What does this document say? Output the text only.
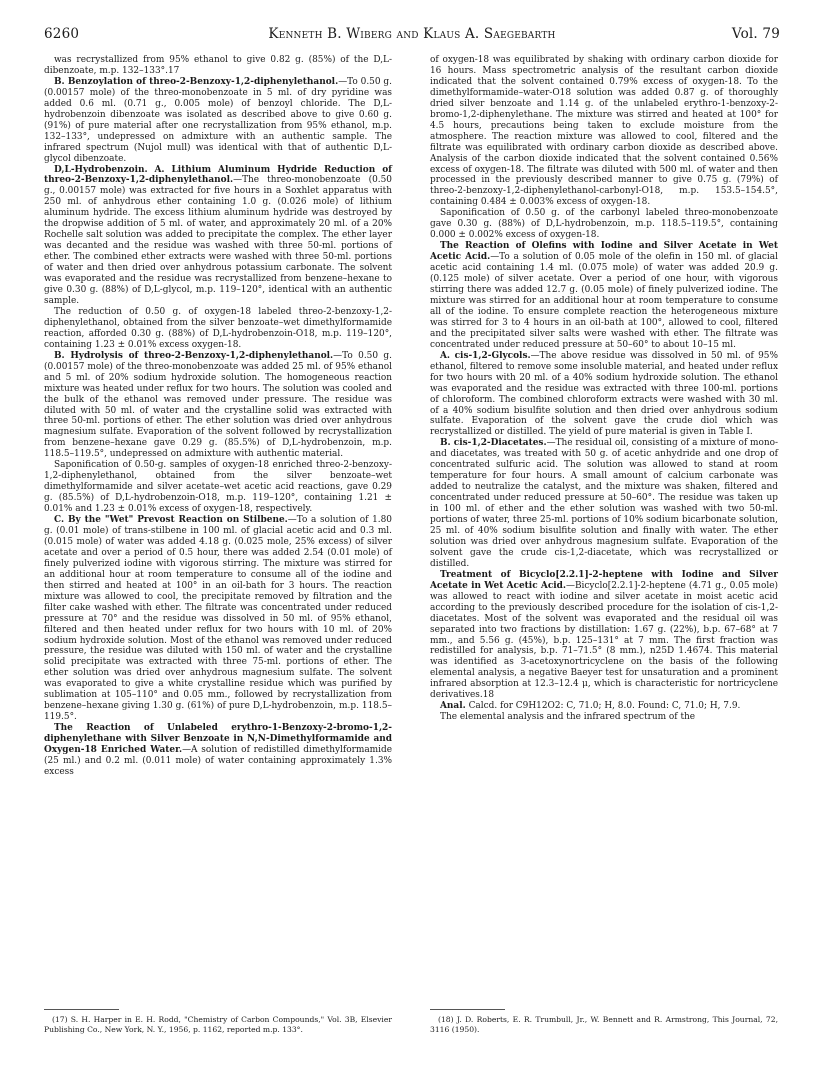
6260	Kenneth B. Wiberg and Klaus A. Saegebarth	Vol. 79

was recrystallized from 95% ethanol to give 0.82 g. (85%) of the D,L-dibenzoate, m.p. 132–133°.17

B. Benzoylation of threo-2-Benzoxy-1,2-diphenylethanol.—To 0.50 g. (0.00157 mole) of the threo-monobenzoate in 5 ml. of dry pyridine was added 0.6 ml. (0.71 g., 0.005 mole) of benzoyl chloride. The D,L-hydrobenzoin dibenzoate was isolated as described above to give 0.60 g. (91%) of pure material after one recrystallization from 95% ethanol, m.p. 132–133°, undepressed on admixture with an authentic sample. The infrared spectrum (Nujol mull) was identical with that of authentic D,L-glycol dibenzoate.

D,L-Hydrobenzoin. A. Lithium Aluminum Hydride Reduction of threo-2-Benzoxy-1,2-diphenylethanol.—The threo-monobenzoate (0.50 g., 0.00157 mole) was extracted for five hours in a Soxhlet apparatus with 250 ml. of anhydrous ether containing 1.0 g. (0.026 mole) of lithium aluminum hydride. The excess lithium aluminum hydride was destroyed by the dropwise addition of 5 ml. of water, and approximately 20 ml. of a 20% Rochelle salt solution was added to precipitate the complex. The ether layer was decanted and the residue was washed with three 50-ml. portions of ether. The combined ether extracts were washed with three 50-ml. portions of water and then dried over anhydrous potassium carbonate. The solvent was evaporated and the residue was recrystallized from benzene–hexane to give 0.30 g. (88%) of D,L-glycol, m.p. 119–120°, identical with an authentic sample.

The reduction of 0.50 g. of oxygen-18 labeled threo-2-benzoxy-1,2-diphenylethanol, obtained from the silver benzoate–wet dimethylformamide reaction, afforded 0.30 g. (88%) of D,L-hydrobenzoin-O18, m.p. 119–120°, containing 1.23 ± 0.01% excess oxygen-18.

B. Hydrolysis of threo-2-Benzoxy-1,2-diphenylethanol.—To 0.50 g. (0.00157 mole) of the threo-monobenzoate was added 25 ml. of 95% ethanol and 5 ml. of 20% sodium hydroxide solution. The homogeneous reaction mixture was heated under reflux for two hours. The solution was cooled and the bulk of the ethanol was removed under pressure. The residue was diluted with 50 ml. of water and the crystalline solid was extracted with three 50-ml. portions of ether. The ether solution was dried over anhydrous magnesium sulfate. Evaporation of the solvent followed by recrystallization from benzene–hexane gave 0.29 g. (85.5%) of D,L-hydrobenzoin, m.p. 118.5–119.5°, undepressed on admixture with authentic material.

Saponification of 0.50-g. samples of oxygen-18 enriched threo-2-benzoxy-1,2-diphenylethanol, obtained from the silver benzoate–wet dimethylformamide and silver acetate–wet acetic acid reactions, gave 0.29 g. (85.5%) of D,L-hydrobenzoin-O18, m.p. 119–120°, containing 1.21 ± 0.01% and 1.23 ± 0.01% excess of oxygen-18, respectively.

C. By the "Wet" Prevost Reaction on Stilbene.—To a solution of 1.80 g. (0.01 mole) of trans-stilbene in 100 ml. of glacial acetic acid and 0.3 ml. (0.015 mole) of water was added 4.18 g. (0.025 mole, 25% excess) of silver acetate and over a period of 0.5 hour, there was added 2.54 (0.01 mole) of finely pulverized iodine with vigorous stirring. The mixture was stirred for an additional hour at room temperature to consume all of the iodine and then stirred and heated at 100° in an oil-bath for 3 hours. The reaction mixture was allowed to cool, the precipitate removed by filtration and the filter cake washed with ether. The filtrate was concentrated under reduced pressure at 70° and the residue was dissolved in 50 ml. of 95% ethanol, filtered and then heated under reflux for two hours with 10 ml. of 20% sodium hydroxide solution. Most of the ethanol was removed under reduced pressure, the residue was diluted with 150 ml. of water and the crystalline solid precipitate was extracted with three 75-ml. portions of ether. The ether solution was dried over anhydrous magnesium sulfate. The solvent was evaporated to give a white crystalline residue which was purified by sublimation at 105–110° and 0.05 mm., followed by recrystallization from benzene–hexane giving 1.30 g. (61%) of pure D,L-hydrobenzoin, m.p. 118.5–119.5°.

The Reaction of Unlabeled erythro-1-Benzoxy-2-bromo-1,2-diphenylethane with Silver Benzoate in N,N-Dimethylformamide and Oxygen-18 Enriched Water.—A solution of redistilled dimethylformamide (25 ml.) and 0.2 ml. (0.011 mole) of water containing approximately 1.3% excess

of oxygen-18 was equilibrated by shaking with ordinary carbon dioxide for 16 hours. Mass spectrometric analysis of the resultant carbon dioxide indicated that the solvent contained 0.79% excess of oxygen-18. To the dimethylformamide–water-O18 solution was added 0.87 g. of thoroughly dried silver benzoate and 1.14 g. of the unlabeled erythro-1-benzoxy-2-bromo-1,2-diphenylethane. The mixture was stirred and heated at 100° for 4.5 hours, precautions being taken to exclude moisture from the atmosphere. The reaction mixture was allowed to cool, filtered and the filtrate was equilibrated with ordinary carbon dioxide as described above. Analysis of the carbon dioxide indicated that the solvent contained 0.56% excess of oxygen-18. The filtrate was diluted with 500 ml. of water and then processed in the previously described manner to give 0.75 g. (79%) of threo-2-benzoxy-1,2-diphenylethanol-carbonyl-O18, m.p. 153.5–154.5°, containing 0.484 ± 0.003% excess of oxygen-18.

Saponification of 0.50 g. of the carbonyl labeled threo-monobenzoate gave 0.30 g. (88%) of D,L-hydrobenzoin, m.p. 118.5–119.5°, containing 0.000 ± 0.002% excess of oxygen-18.

The Reaction of Olefins with Iodine and Silver Acetate in Wet Acetic Acid.—To a solution of 0.05 mole of the olefin in 150 ml. of glacial acetic acid containing 1.4 ml. (0.075 mole) of water was added 20.9 g. (0.125 mole) of silver acetate. Over a period of one hour, with vigorous stirring there was added 12.7 g. (0.05 mole) of finely pulverized iodine. The mixture was stirred for an additional hour at room temperature to consume all of the iodine. To ensure complete reaction the heterogeneous mixture was stirred for 3 to 4 hours in an oil-bath at 100°, allowed to cool, filtered and the precipitated silver salts were washed with ether. The filtrate was concentrated under reduced pressure at 50–60° to about 10–15 ml.

A. cis-1,2-Glycols.—The above residue was dissolved in 50 ml. of 95% ethanol, filtered to remove some insoluble material, and heated under reflux for two hours with 20 ml. of a 40% sodium hydroxide solution. The ethanol was evaporated and the residue was extracted with three 100-ml. portions of chloroform. The combined chloroform extracts were washed with 30 ml. of a 40% sodium bisulfite solution and then dried over anhydrous sodium sulfate. Evaporation of the solvent gave the crude diol which was recrystallized or distilled. The yield of pure material is given in Table I.

B. cis-1,2-Diacetates.—The residual oil, consisting of a mixture of mono- and diacetates, was treated with 50 g. of acetic anhydride and one drop of concentrated sulfuric acid. The solution was allowed to stand at room temperature for four hours. A small amount of calcium carbonate was added to neutralize the catalyst, and the mixture was shaken, filtered and concentrated under reduced pressure at 50–60°. The residue was taken up in 100 ml. of ether and the ether solution was washed with two 50-ml. portions of water, three 25-ml. portions of 10% sodium bicarbonate solution, 25 ml. of 40% sodium bisulfite solution and finally with water. The ether solution was dried over anhydrous magnesium sulfate. Evaporation of the solvent gave the crude cis-1,2-diacetate, which was recrystallized or distilled.

Treatment of Bicyclo[2.2.1]-2-heptene with Iodine and Silver Acetate in Wet Acetic Acid.—Bicyclo[2.2.1]-2-heptene (4.71 g., 0.05 mole) was allowed to react with iodine and silver acetate in moist acetic acid according to the previously described procedure for the isolation of cis-1,2-diacetates. Most of the solvent was evaporated and the residual oil was separated into two fractions by distillation: 1.67 g. (22%), b.p. 67–68° at 7 mm., and 5.56 g. (45%), b.p. 125–131° at 7 mm. The first fraction was redistilled for analysis, b.p. 71–71.5° (8 mm.), n25D 1.4674. This material was identified as 3-acetoxynortricyclene on the basis of the following elemental analysis, a negative Baeyer test for unsaturation and a prominent infrared absorption at 12.3–12.4 μ, which is characteristic for nortricyclene derivatives.18

Anal. Calcd. for C9H12O2: C, 71.0; H, 8.0. Found: C, 71.0; H, 7.9.

The elemental analysis and the infrared spectrum of the

(17) S. H. Harper in E. H. Rodd, "Chemistry of Carbon Compounds," Vol. 3B, Elsevier Publishing Co., New York, N. Y., 1956, p. 1162, reported m.p. 133°.

(18) J. D. Roberts, E. R. Trumbull, Jr., W. Bennett and R. Armstrong, This Journal, 72, 3116 (1950).
